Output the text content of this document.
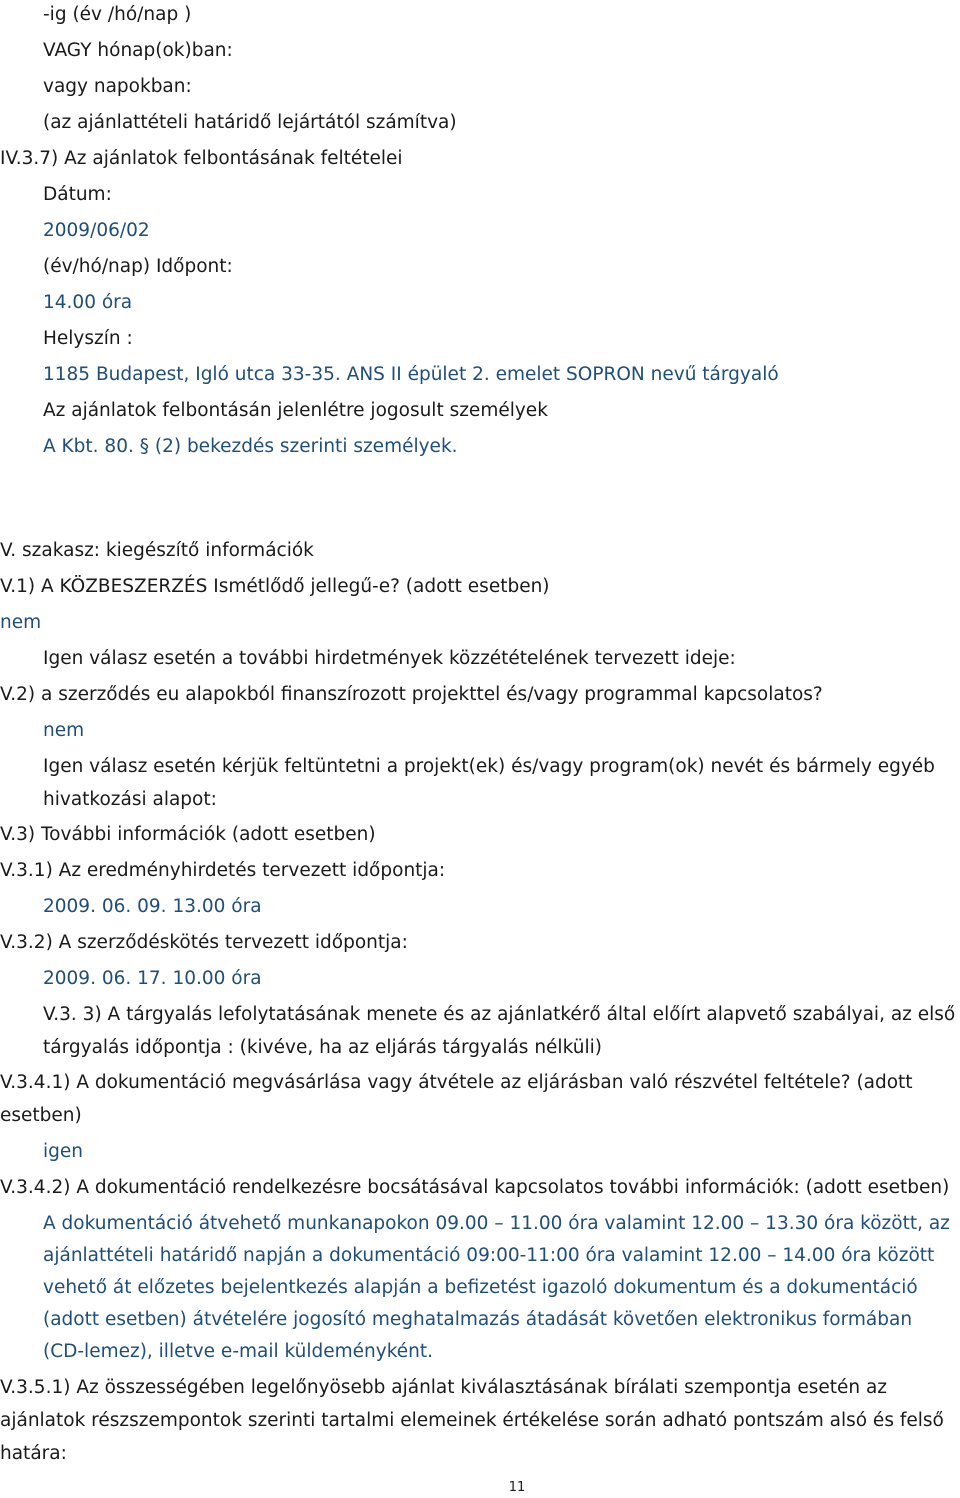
-ig (év /hó/nap )
VAGY hónap(ok)ban:
vagy napokban:
(az ajánlattételi határidő lejártától számítva)
IV.3.7) Az ajánlatok felbontásának feltételei
Dátum:
2009/06/02
(év/hó/nap) Időpont:
14.00 óra
Helyszín :
1185 Budapest, Igló utca 33-35. ANS II épület 2. emelet SOPRON nevű tárgyaló
Az ajánlatok felbontásán jelenlétre jogosult személyek
A Kbt. 80. § (2) bekezdés szerinti személyek.
V. szakasz: kiegészítő információk
V.1) A KÖZBESZERZÉS Ismétlődő jellegű-e? (adott esetben)
nem
Igen válasz esetén a további hirdetmények közzétételének tervezett ideje:
V.2) a szerződés eu alapokból finanszírozott projekttel és/vagy programmal kapcsolatos?
nem
Igen válasz esetén kérjük feltüntetni a projekt(ek) és/vagy program(ok) nevét és bármely egyéb
hivatkozási alapot:
V.3) További információk (adott esetben)
V.3.1) Az eredményhirdetés tervezett időpontja:
2009. 06. 09. 13.00 óra
V.3.2) A szerződéskötés tervezett időpontja:
2009. 06. 17. 10.00 óra
V.3. 3) A tárgyalás lefolytatásának menete és az ajánlatkérő által előírt alapvető szabályai, az első
tárgyalás időpontja : (kivéve, ha az eljárás tárgyalás nélküli)
V.3.4.1) A dokumentáció megvásárlása vagy átvétele az eljárásban való részvétel feltétele? (adott
esetben)
igen
V.3.4.2) A dokumentáció rendelkezésre bocsátásával kapcsolatos további információk: (adott esetben)
A dokumentáció átvehető munkanapokon 09.00 – 11.00 óra valamint 12.00 – 13.30 óra között, az
ajánlattételi határidő napján a dokumentáció 09:00-11:00 óra valamint 12.00 – 14.00 óra között
vehető át előzetes bejelentkezés alapján a befizetést igazoló dokumentum és a dokumentáció
(adott esetben) átvételére jogosító meghatalmazás átadását követően elektronikus formában
(CD-lemez), illetve e-mail küldeményként.
V.3.5.1) Az összességében legelőnyösebb ajánlat kiválasztásának bírálati szempontja esetén az
ajánlatok részszempontok szerinti tartalmi elemeinek értékelése során adható pontszám alsó és felső
határa:
11
